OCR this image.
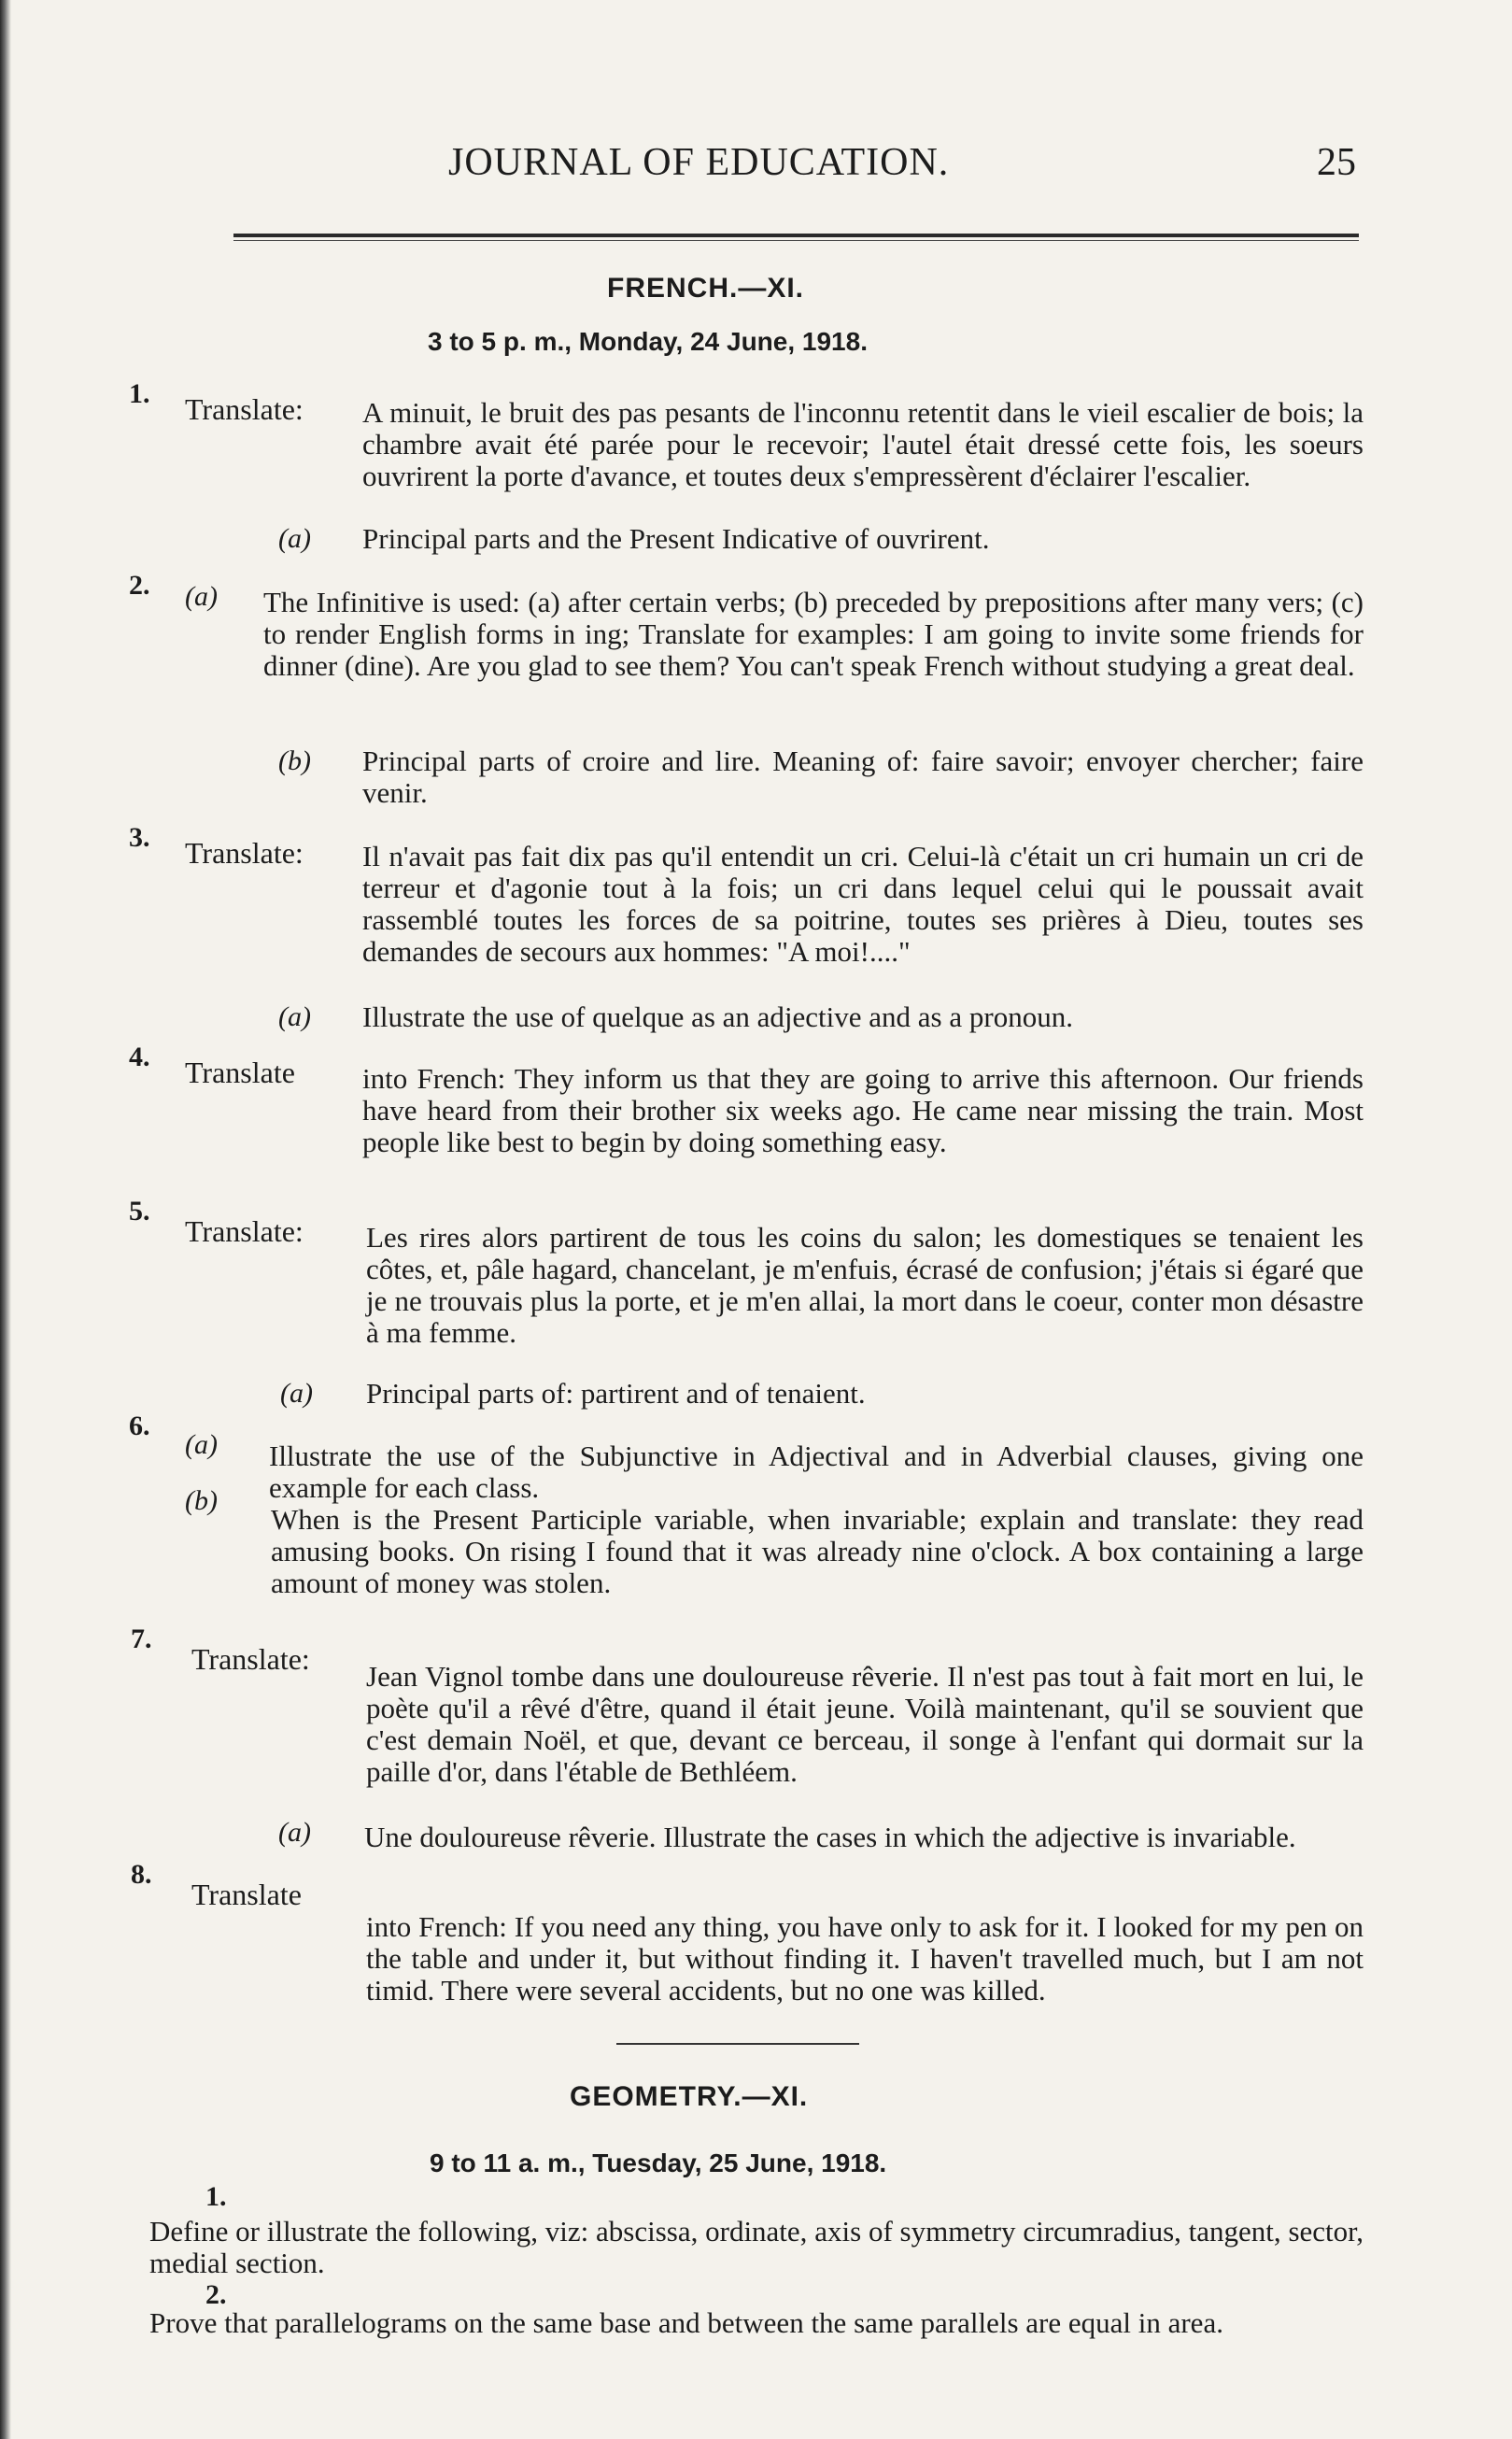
JOURNAL OF EDUCATION.	25
FRENCH.—XI.
3 to 5 p. m., Monday, 24 June, 1918.
1. Translate: A minuit, le bruit des pas pesants de l'inconnu retentit dans le vieil escalier de bois; la chambre avait été parée pour le recevoir; l'autel était dressé cette fois, les soeurs ouvrirent la porte d'avance, et toutes deux s'empressèrent d'éclairer l'escalier.
(a) Principal parts and the Present Indicative of ouvrirent.
2. (a) The Infinitive is used: (a) after certain verbs; (b) preceded by prepositions after many vers; (c) to render English forms in ing; Translate for examples: I am going to invite some friends for dinner (dine). Are you glad to see them? You can't speak French without studying a great deal.
(b) Principal parts of croire and lire. Meaning of: faire savoir; envoyer chercher; faire venir.
3. Translate: Il n'avait pas fait dix pas qu'il entendit un cri. Celui-là c'était un cri humain un cri de terreur et d'agonie tout à la fois; un cri dans lequel celui qui le poussait avait rassemblé toutes les forces de sa poitrine, toutes ses prières à Dieu, toutes ses demandes de secours aux hommes: "A moi!...."
(a) Illustrate the use of quelque as an adjective and as a pronoun.
4. Translate into French: They inform us that they are going to arrive this afternoon. Our friends have heard from their brother six weeks ago. He came near missing the train. Most people like best to begin by doing something easy.
5.
Translate: Les rires alors partirent de tous les coins du salon; les domestiques se tenaient les côtes, et, pâle hagard, chancelant, je m'enfuis, écrasé de confusion; j'étais si égaré que je ne trouvais plus la porte, et je m'en allai, la mort dans le coeur, conter mon désastre à ma femme.
(a) Principal parts of: partirent and of tenaient.
6.
(a) Illustrate the use of the Subjunctive in Adjectival and in Adverbial clauses, giving one example for each class.
(b)
When is the Present Participle variable, when invariable; explain and translate: they read amusing books. On rising I found that it was already nine o'clock. A box containing a large amount of money was stolen.
7.
Translate:
Jean Vignol tombe dans une douloureuse rêverie. Il n'est pas tout à fait mort en lui, le poète qu'il a rêvé d'être, quand il était jeune. Voilà maintenant, qu'il se souvient que c'est demain Noël, et que, devant ce berceau, il songe à l'enfant qui dormait sur la paille d'or, dans l'étable de Bethléem.
(a) Une douloureuse rêverie. Illustrate the cases in which the adjective is invariable.
8.
Translate
into French: If you need any thing, you have only to ask for it. I looked for my pen on the table and under it, but without finding it. I haven't travelled much, but I am not timid. There were several accidents, but no one was killed.
GEOMETRY.—XI.
9 to 11 a. m., Tuesday, 25 June, 1918.
1.
Define or illustrate the following, viz: abscissa, ordinate, axis of symmetry circumradius, tangent, sector, medial section.
2.
Prove that parallelograms on the same base and between the same parallels are equal in area.
